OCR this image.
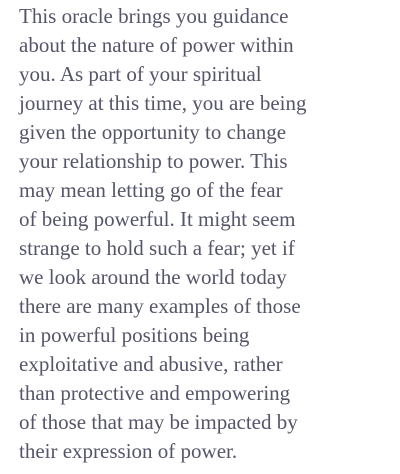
This oracle brings you guidance
about the nature of power within
you. As part of your spiritual
journey at this time, you are being
given the opportunity to change
your relationship to power. This
may mean letting go of the fear
of being powerful. It might seem
strange to hold such a fear; yet if
we look around the world today
there are many examples of those
in powerful positions being
exploitative and abusive, rather
than protective and empowering
of those that may be impacted by
their expression of power.
